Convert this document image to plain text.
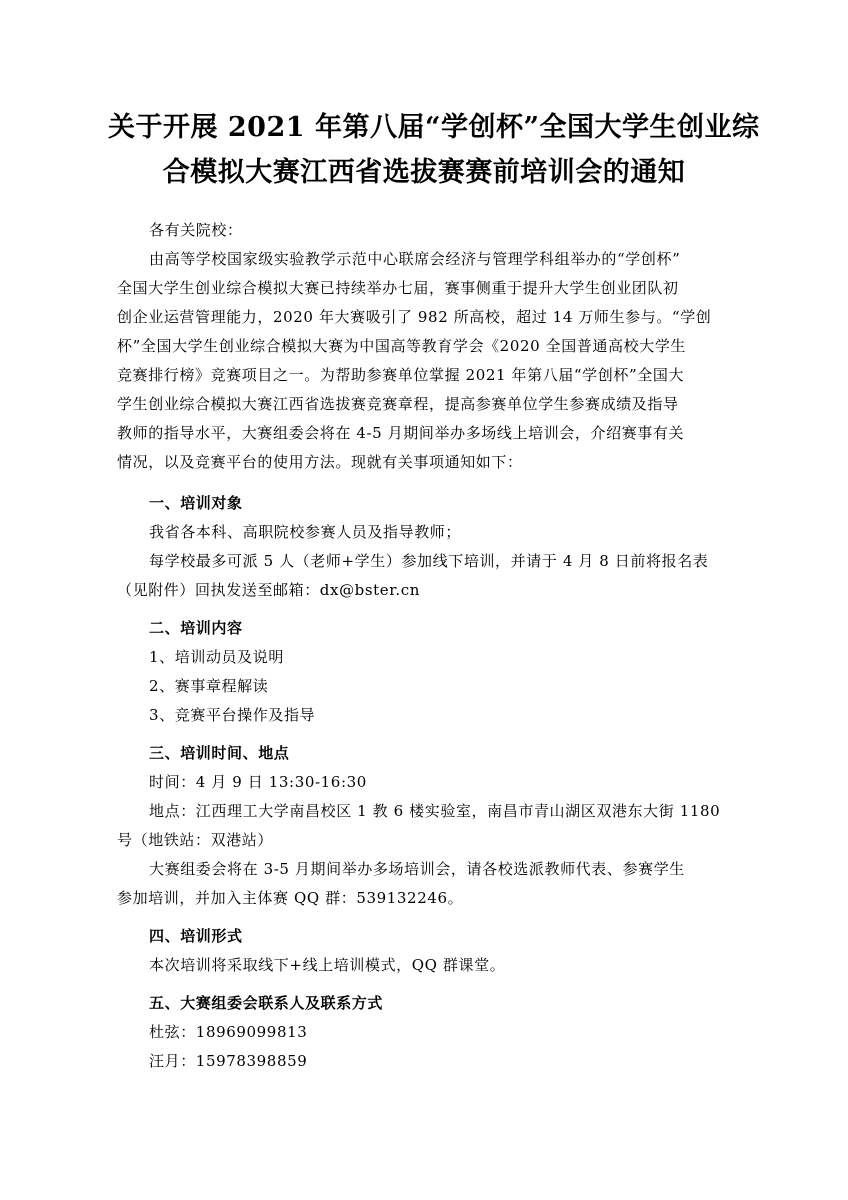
关于开展 2021 年第八届“学创杯”全国大学生创业综
合模拟大赛江西省选拔赛赛前培训会的通知
各有关院校：
由高等学校国家级实验教学示范中心联席会经济与管理学科组举办的“学创杯”
全国大学生创业综合模拟大赛已持续举办七届，赛事侧重于提升大学生创业团队初
创企业运营管理能力，2020 年大赛吸引了 982 所高校，超过 14 万师生参与。“学创
杯”全国大学生创业综合模拟大赛为中国高等教育学会《2020 全国普通高校大学生
竞赛排行榜》竞赛项目之一。为帮助参赛单位掌握 2021 年第八届“学创杯”全国大
学生创业综合模拟大赛江西省选拔赛竞赛章程，提高参赛单位学生参赛成绩及指导
教师的指导水平，大赛组委会将在 4-5 月期间举办多场线上培训会，介绍赛事有关
情况，以及竞赛平台的使用方法。现就有关事项通知如下：
一、培训对象
我省各本科、高职院校参赛人员及指导教师；
每学校最多可派 5 人（老师+学生）参加线下培训，并请于 4 月 8 日前将报名表
（见附件）回执发送至邮箱：dx@bster.cn
二、培训内容
1、培训动员及说明
2、赛事章程解读
3、竞赛平台操作及指导
三、培训时间、地点
时间：4 月 9 日 13:30-16:30
地点：江西理工大学南昌校区 1 教 6 楼实验室，南昌市青山湖区双港东大街 1180
号（地铁站：双港站）
大赛组委会将在 3-5 月期间举办多场培训会，请各校选派教师代表、参赛学生
参加培训，并加入主体赛 QQ 群：539132246。
四、培训形式
本次培训将采取线下+线上培训模式，QQ 群课堂。
五、大赛组委会联系人及联系方式
杜弦：18969099813
汪月：15978398859
